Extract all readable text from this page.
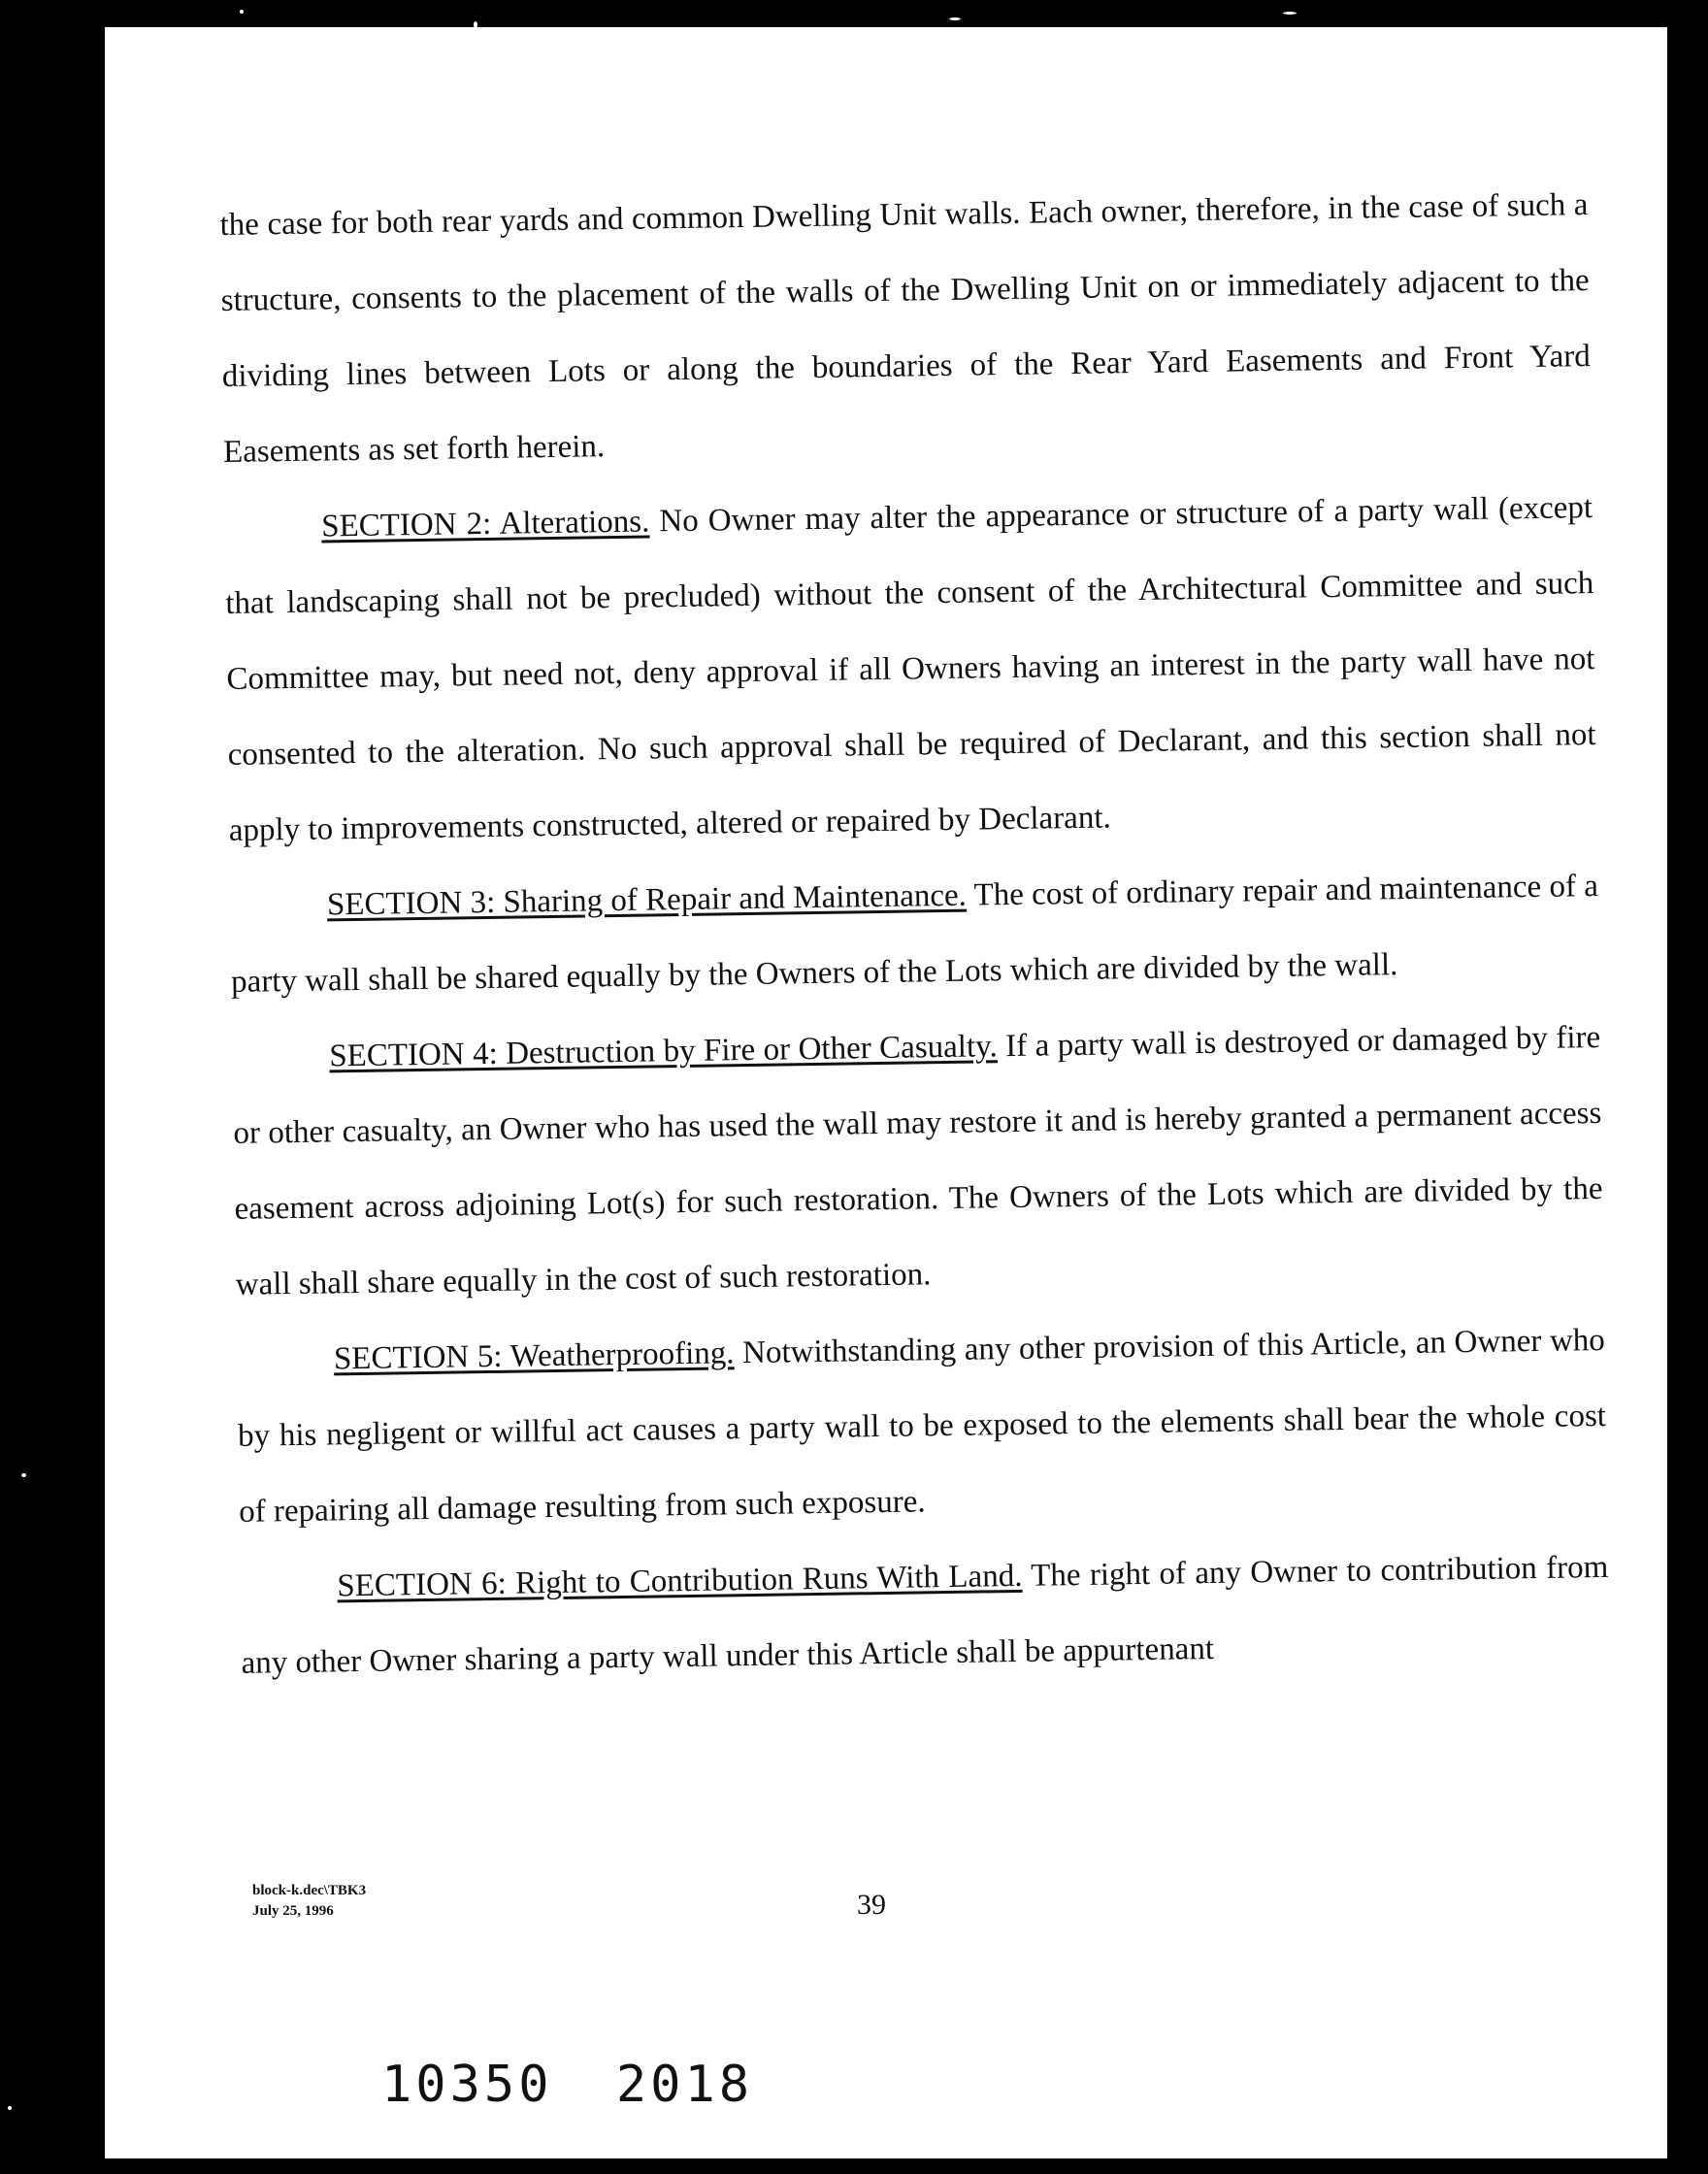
the case for both rear yards and common Dwelling Unit walls. Each owner, therefore, in the case of such a structure, consents to the placement of the walls of the Dwelling Unit on or immediately adjacent to the dividing lines between Lots or along the boundaries of the Rear Yard Easements and Front Yard Easements as set forth herein.

SECTION 2: Alterations. No Owner may alter the appearance or structure of a party wall (except that landscaping shall not be precluded) without the consent of the Architectural Committee and such Committee may, but need not, deny approval if all Owners having an interest in the party wall have not consented to the alteration. No such approval shall be required of Declarant, and this section shall not apply to improvements constructed, altered or repaired by Declarant.

SECTION 3: Sharing of Repair and Maintenance. The cost of ordinary repair and maintenance of a party wall shall be shared equally by the Owners of the Lots which are divided by the wall.

SECTION 4: Destruction by Fire or Other Casualty. If a party wall is destroyed or damaged by fire or other casualty, an Owner who has used the wall may restore it and is hereby granted a permanent access easement across adjoining Lot(s) for such restoration. The Owners of the Lots which are divided by the wall shall share equally in the cost of such restoration.

SECTION 5: Weatherproofing. Notwithstanding any other provision of this Article, an Owner who by his negligent or willful act causes a party wall to be exposed to the elements shall bear the whole cost of repairing all damage resulting from such exposure.

SECTION 6: Right to Contribution Runs With Land. The right of any Owner to contribution from any other Owner sharing a party wall under this Article shall be appurtenant

block-k.dec\TBK3
July 25, 1996	39
10350 2018
